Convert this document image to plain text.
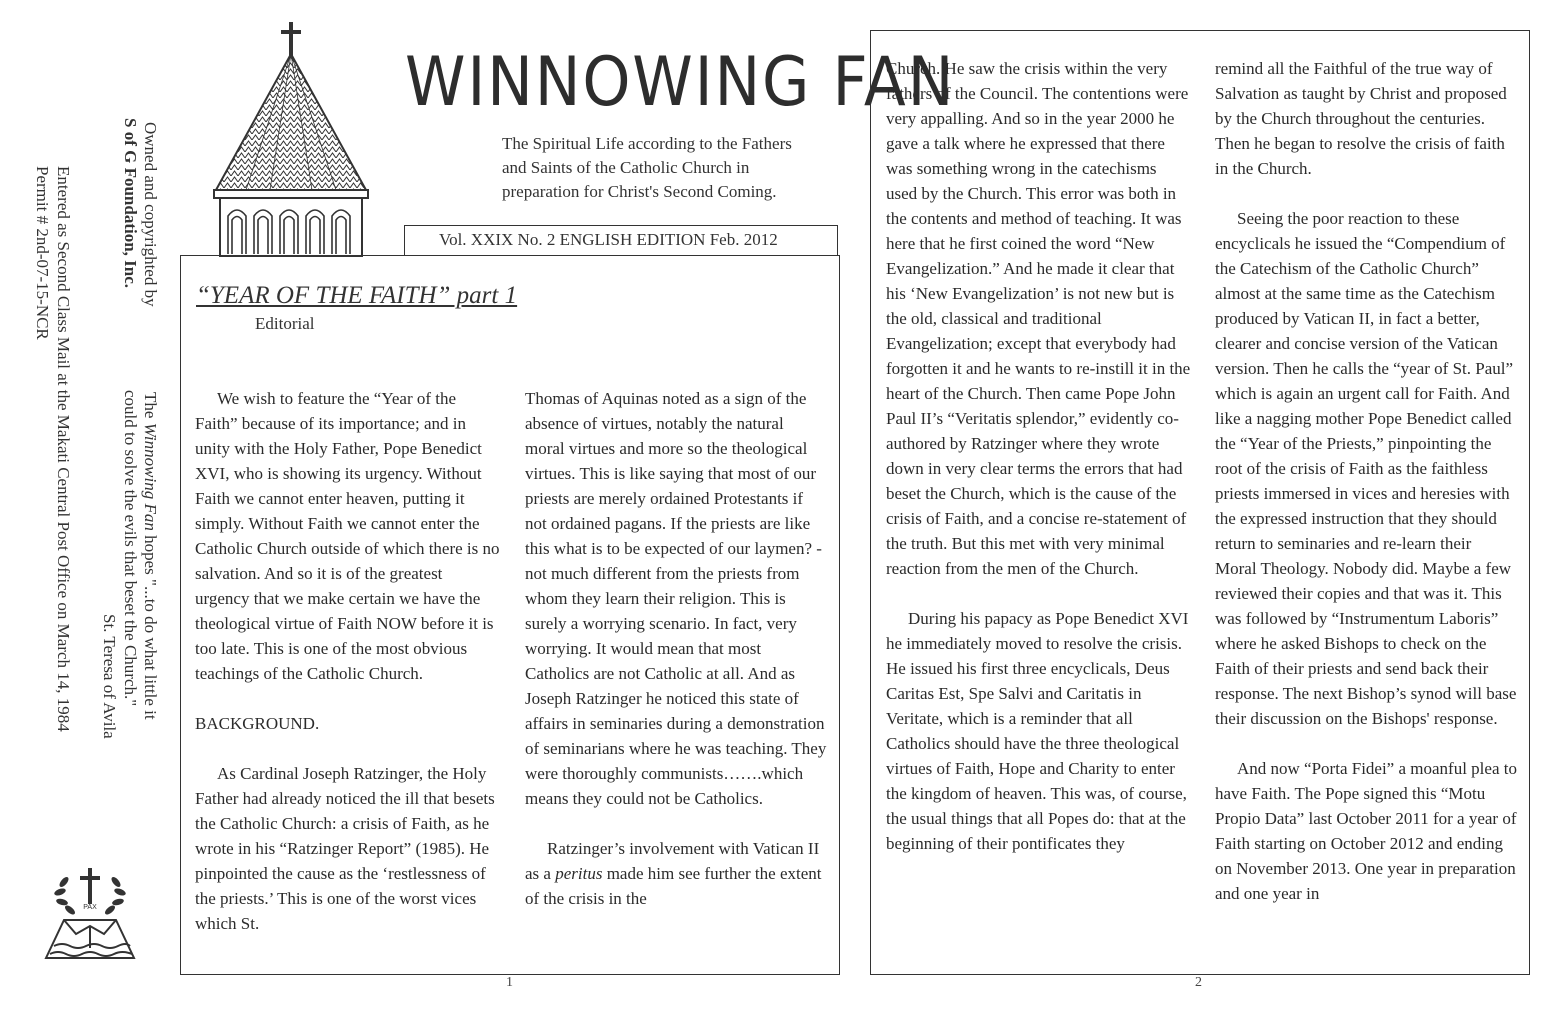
Owned and copyrighted by
S of G Foundation, Inc.
The Winnowing Fan hopes "...to do what little it
could to solve the evils that beset the Church."
St. Teresa of Avila
Entered as Second Class Mail at the Makati Central Post Office on March 14, 1984
Permit # 2nd-07-15-NCR
PAX
WINNOWING FAN
The Spiritual Life according to the Fathers
and Saints of the Catholic Church in
preparation for Christ's Second Coming.
Vol. XXIX No. 2 ENGLISH EDITION Feb. 2012
“YEAR OF THE FAITH” part 1
Editorial

We wish to feature the “Year of the Faith” because of its importance; and in unity with the Holy Father, Pope Benedict XVI, who is showing its urgency. Without Faith we cannot enter heaven, putting it simply. Without Faith we cannot enter the Catholic Church outside of which there is no salvation. And so it is of the greatest urgency that we make certain we have the theological virtue of Faith NOW before it is too late. This is one of the most obvious teachings of the Catholic Church.

BACKGROUND.

As Cardinal Joseph Ratzinger, the Holy Father had already noticed the ill that besets the Catholic Church: a crisis of Faith, as he wrote in his “Ratzinger Report” (1985). He pinpointed the cause as the ‘restlessness of the priests.’ This is one of the worst vices which St.

Thomas of Aquinas noted as a sign of the absence of virtues, notably the natural moral virtues and more so the theological virtues. This is like saying that most of our priests are merely ordained Protestants if not ordained pagans. If the priests are like this what is to be expected of our laymen? - not much different from the priests from whom they learn their religion. This is surely a worrying scenario. In fact, very worrying. It would mean that most Catholics are not Catholic at all. And as Joseph Ratzinger he noticed this state of affairs in seminaries during a demonstration of seminarians where he was teaching. They were thoroughly communists…….which means they could not be Catholics.

Ratzinger’s involvement with Vatican II as a peritus made him see further the extent of the crisis in the

1

Church. He saw the crisis within the very fathers of the Council. The contentions were very appalling. And so in the year 2000 he gave a talk where he expressed that there was something wrong in the catechisms used by the Church. This error was both in the contents and method of teaching. It was here that he first coined the word “New Evangelization.” And he made it clear that his ‘New Evangelization’ is not new but is the old, classical and traditional Evangelization; except that everybody had forgotten it and he wants to re-instill it in the heart of the Church. Then came Pope John Paul II’s “Veritatis splendor,” evidently co-authored by Ratzinger where they wrote down in very clear terms the errors that had beset the Church, which is the cause of the crisis of Faith, and a concise re-statement of the truth. But this met with very minimal reaction from the men of the Church.

During his papacy as Pope Benedict XVI he immediately moved to resolve the crisis. He issued his first three encyclicals, Deus Caritas Est, Spe Salvi and Caritatis in Veritate, which is a reminder that all Catholics should have the three theological virtues of Faith, Hope and Charity to enter the kingdom of heaven. This was, of course, the usual things that all Popes do: that at the beginning of their pontificates they

remind all the Faithful of the true way of Salvation as taught by Christ and proposed by the Church throughout the centuries. Then he began to resolve the crisis of faith in the Church.

Seeing the poor reaction to these encyclicals he issued the “Compendium of the Catechism of the Catholic Church” almost at the same time as the Catechism produced by Vatican II, in fact a better, clearer and concise version of the Vatican version. Then he calls the “year of St. Paul” which is again an urgent call for Faith. And like a nagging mother Pope Benedict called the “Year of the Priests,” pinpointing the root of the crisis of Faith as the faithless priests immersed in vices and heresies with the expressed instruction that they should return to seminaries and re-learn their Moral Theology. Nobody did. Maybe a few reviewed their copies and that was it. This was followed by “Instrumentum Laboris” where he asked Bishops to check on the Faith of their priests and send back their response. The next Bishop’s synod will base their discussion on the Bishops' response.

And now “Porta Fidei” a moanful plea to have Faith. The Pope signed this “Motu Propio Data” last October 2011 for a year of Faith starting on October 2012 and ending on November 2013. One year in preparation and one year in

2
